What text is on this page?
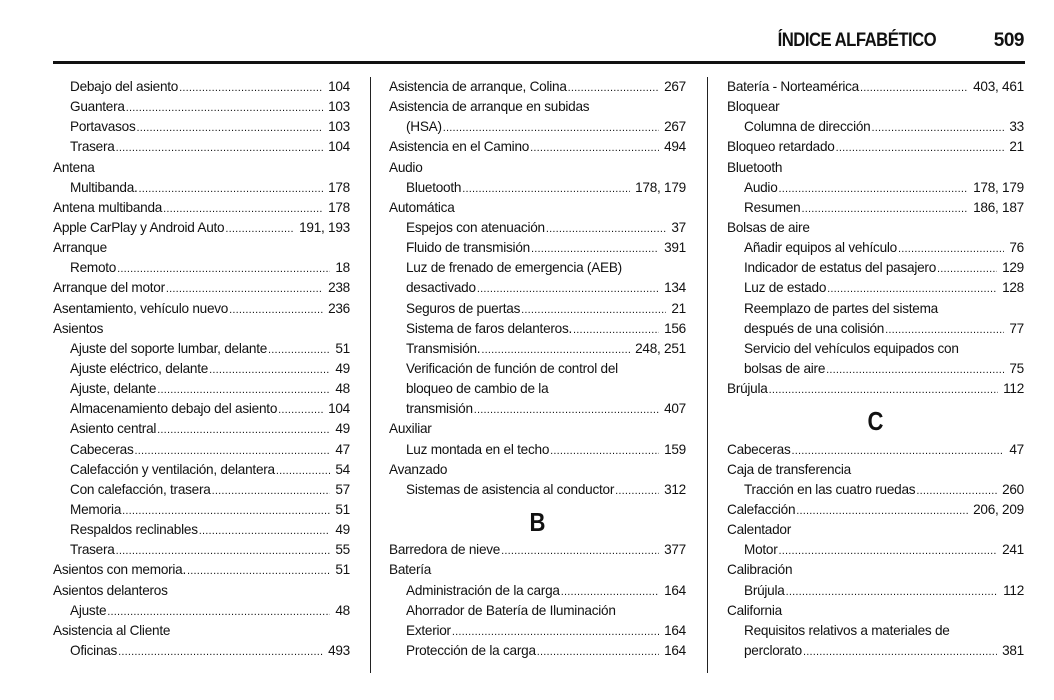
ÍNDICE ALFABÉTICO	509
Debajo del asiento .....	104
Guantera .....	103
Portavasos .....	103
Trasera .....	104
Antena
Multibanda. .....	178
Antena multibanda .....	178
Apple CarPlay y Android Auto .....	191, 193
Arranque
Remoto .....	18
Arranque del motor .....	238
Asentamiento, vehículo nuevo .....	236
Asientos
Ajuste del soporte lumbar, delante .....	51
Ajuste eléctrico, delante .....	49
Ajuste, delante .....	48
Almacenamiento debajo del asiento .....	104
Asiento central .....	49
Cabeceras .....	47
Calefacción y ventilación, delantera .....	54
Con calefacción, trasera .....	57
Memoria .....	51
Respaldos reclinables .....	49
Trasera .....	55
Asientos con memoria. .....	51
Asientos delanteros
Ajuste .....	48
Asistencia al Cliente
Oficinas .....	493
Asistencia de arranque, Colina .....	267
Asistencia de arranque en subidas
(HSA) .....	267
Asistencia en el Camino .....	494
Audio
Bluetooth .....	178, 179
Automática
Espejos con atenuación .....	37
Fluido de transmisión .....	391
Luz de frenado de emergencia (AEB)
desactivado .....	134
Seguros de puertas .....	21
Sistema de faros delanteros. .....	156
Transmisión. .....	248, 251
Verificación de función de control del
bloqueo de cambio de la
transmisión .....	407
Auxiliar
Luz montada en el techo .....	159
Avanzado
Sistemas de asistencia al conductor .....	312
B
Barredora de nieve .....	377
Batería
Administración de la carga .....	164
Ahorrador de Batería de Iluminación
Exterior .....	164
Protección de la carga .....	164
Batería - Norteamérica .....	403, 461
Bloquear
Columna de dirección .....	33
Bloqueo retardado .....	21
Bluetooth
Audio .....	178, 179
Resumen .....	186, 187
Bolsas de aire
Añadir equipos al vehículo .....	76
Indicador de estatus del pasajero .....	129
Luz de estado .....	128
Reemplazo de partes del sistema
después de una colisión .....	77
Servicio del vehículos equipados con
bolsas de aire .....	75
Brújula .....	112
C
Cabeceras .....	47
Caja de transferencia
Tracción en las cuatro ruedas .....	260
Calefacción .....	206, 209
Calentador
Motor .....	241
Calibración
Brújula .....	112
California
Requisitos relativos a materiales de
perclorato .....	381
